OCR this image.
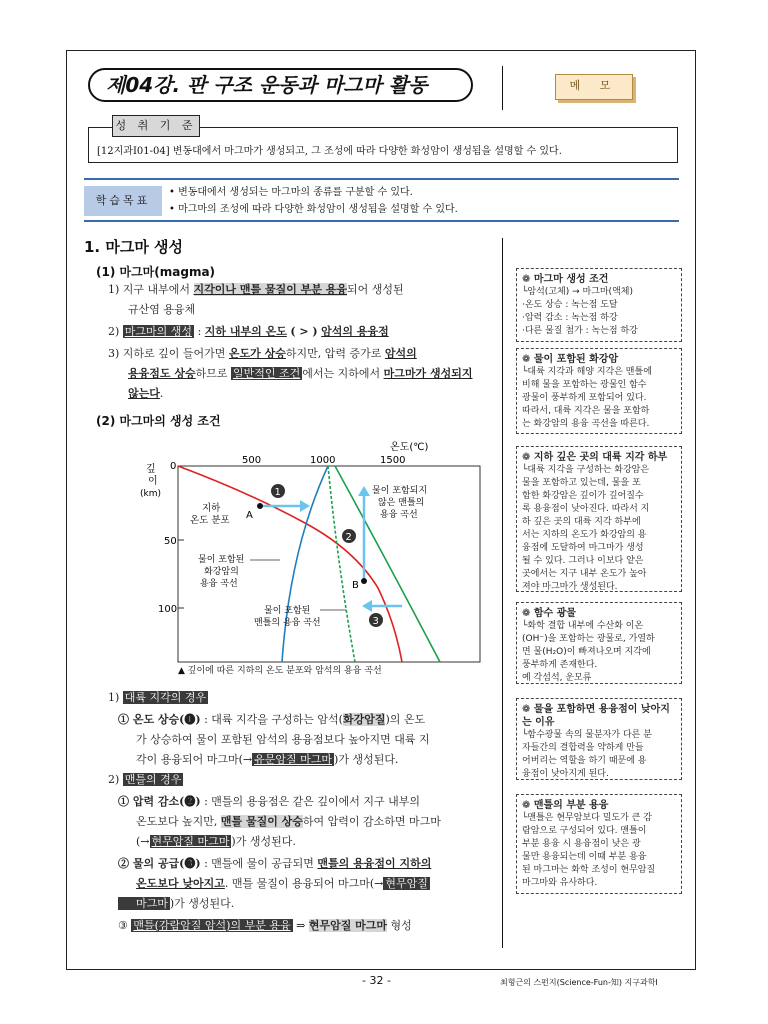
제04강. 판 구조 운동과 마그마 활동	메 모
[12지과Ⅰ01-04] 변동대에서 마그마가 생성되고, 그 조성에 따라 다양한 화성암이 생성됨을 설명할 수 있다.
성 취 기 준
학습목표
• 변동대에서 생성되는 마그마의 종류를 구분할 수 있다.
• 마그마의 조성에 따라 다양한 화성암이 생성됨을 설명할 수 있다.
1. 마그마 생성
(1) 마그마(magma)
1) 지구 내부에서 지각이나 맨틀 물질이 부분 용융되어 생성된
규산염 용융체
2) 마그마의 생성 : 지하 내부의 온도 ( > ) 암석의 용융점
3) 지하로 깊이 들어가면 온도가 상승하지만, 압력 증가로 암석의
용융점도 상승하므로 일반적인 조건 에서는 지하에서 마그마가 생성되지
않는다.
(2) 마그마의 생성 조건
온도(℃)
500	1000	1500
깊
이
(km)
0
50
100
A
B
1
2
3
지하
온도 분포
물이 포함되지
않은 맨틀의
용융 곡선
물이 포함된
화강암의
용융 곡선
물이 포함된
맨틀의 용융 곡선
▲ 깊이에 따른 지하의 온도 분포와 암석의 용융 곡선
1) 대륙 지각의 경우
① 온도 상승(❶) : 대륙 지각을 구성하는 암석(화강암질)의 온도
가 상승하여 물이 포함된 암석의 용융점보다 높아지면 대륙 지
각이 용융되어 마그마(→ 유문암질 마그마 )가 생성된다.
2) 맨틀의 경우
① 압력 감소(❷) : 맨틀의 용융점은 같은 깊이에서 지구 내부의
온도보다 높지만, 맨틀 물질이 상승하여 압력이 감소하면 마그마
(→ 현무암질 마그마 )가 생성된다.
② 물의 공급(❸) : 맨틀에 물이 공급되면 맨틀의 용융점이 지하의
온도보다 낮아지고. 맨틀 물질이 용융되어 마그마(→ 현무암질
마그마 )가 생성된다.
③ 맨틀(감람암질 암석)의 부분 용융 ⇒ 현무암질 마그마 형성
❁ 마그마 생성 조건
└암석(고체) → 마그마(액체)
·온도 상승 : 녹는점 도달
·압력 감소 : 녹는점 하강
·다른 물질 첨가 : 녹는점 하강
❁ 물이 포함된 화강암
└대륙 지각과 해양 지각은 맨틀에
비해 물을 포함하는 광물인 함수
광물이 풍부하게 포함되어 있다.
따라서, 대륙 지각은 물을 포함하
는 화강암의 용융 곡선을 따른다.
❁ 지하 깊은 곳의 대륙 지각 하부
└대륙 지각을 구성하는 화강암은
물을 포함하고 있는데, 물을 포
함한 화강암은 깊이가 깊어질수
록 용융점이 낮아진다. 따라서 지
하 깊은 곳의 대륙 지각 하부에
서는 지하의 온도가 화강암의 용
융점에 도달하여 마그마가 생성
될 수 있다. 그러나 이보다 얕은
곳에서는 지구 내부 온도가 높아
져야 마그마가 생성된다.
❁ 함수 광물
└화학 결합 내부에 수산화 이온
(OH⁻)을 포함하는 광물로, 가열하
면 물(H₂O)이 빠져나오며 지각에
풍부하게 존재한다.
예 각섬석, 운모류
❁ 물을 포함하면 용융점이 낮아지는 이유
└함수광물 속의 물분자가 다른 분
자들간의 결합력을 약하게 만들
어버리는 역할을 하기 때문에 용
융점이 낮아지게 된다.
❁ 맨틀의 부분 용융
└맨틀은 현무암보다 밀도가 큰 감
람암으로 구성되어 있다. 맨틀이
부분 용융 시 용융점이 낮은 광
물만 용융되는데 이때 부분 용융
된 마그마는 화학 조성이 현무암질
마그마와 유사하다.
- 32 -	최형근의 스펀지(Science-Fun-知) 지구과학Ⅰ
